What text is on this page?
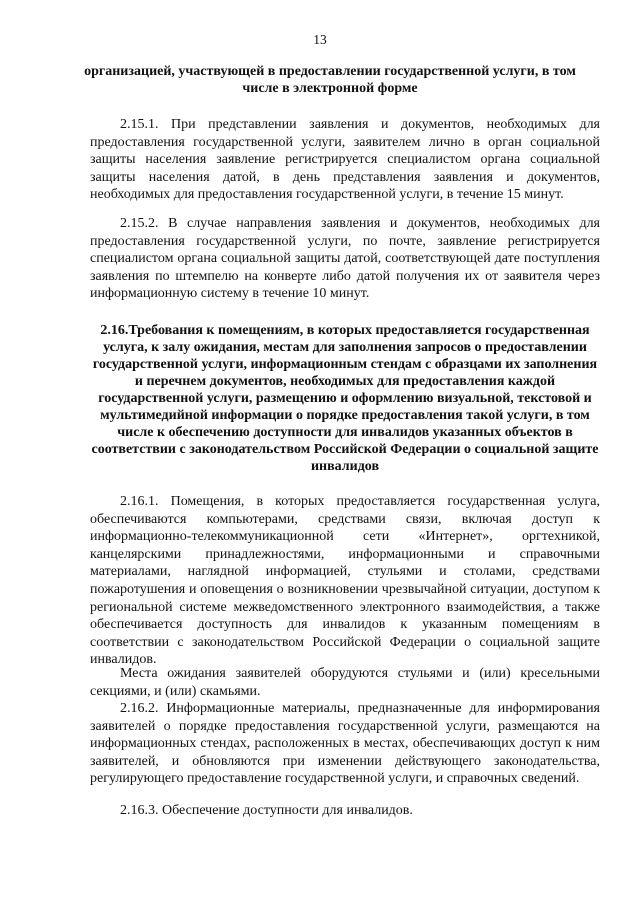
13

организацией, участвующей в предоставлении государственной услуги, в том числе в электронной форме

2.15.1. При представлении заявления и документов, необходимых для предоставления государственной услуги, заявителем лично в орган социальной защиты населения заявление регистрируется специалистом органа социальной защиты населения датой, в день представления заявления и документов, необходимых для предоставления государственной услуги, в течение 15 минут.

2.15.2. В случае направления заявления и документов, необходимых для предоставления государственной услуги, по почте, заявление регистрируется специалистом органа социальной защиты датой, соответствующей дате поступления заявления по штемпелю на конверте либо датой получения их от заявителя через информационную систему в течение 10 минут.

2.16.Требования к помещениям, в которых предоставляется государственная услуга, к залу ожидания, местам для заполнения запросов о предоставлении государственной услуги, информационным стендам с образцами их заполнения и перечнем документов, необходимых для предоставления каждой государственной услуги, размещению и оформлению визуальной, текстовой и мультимедийной информации о порядке предоставления такой услуги, в том числе к обеспечению доступности для инвалидов указанных объектов в соответствии с законодательством Российской Федерации о социальной защите инвалидов

2.16.1. Помещения, в которых предоставляется государственная услуга, обеспечиваются компьютерами, средствами связи, включая доступ к информационно-телекоммуникационной сети «Интернет», оргтехникой, канцелярскими принадлежностями, информационными и справочными материалами, наглядной информацией, стульями и столами, средствами пожаротушения и оповещения о возникновении чрезвычайной ситуации, доступом к региональной системе межведомственного электронного взаимодействия, а также обеспечивается доступность для инвалидов к указанным помещениям в соответствии с законодательством Российской Федерации о социальной защите инвалидов.

Места ожидания заявителей оборудуются стульями и (или) кресельными секциями, и (или) скамьями.

2.16.2. Информационные материалы, предназначенные для информирования заявителей о порядке предоставления государственной услуги, размещаются на информационных стендах, расположенных в местах, обеспечивающих доступ к ним заявителей, и обновляются при изменении действующего законодательства, регулирующего предоставление государственной услуги, и справочных сведений.

2.16.3. Обеспечение доступности для инвалидов.
